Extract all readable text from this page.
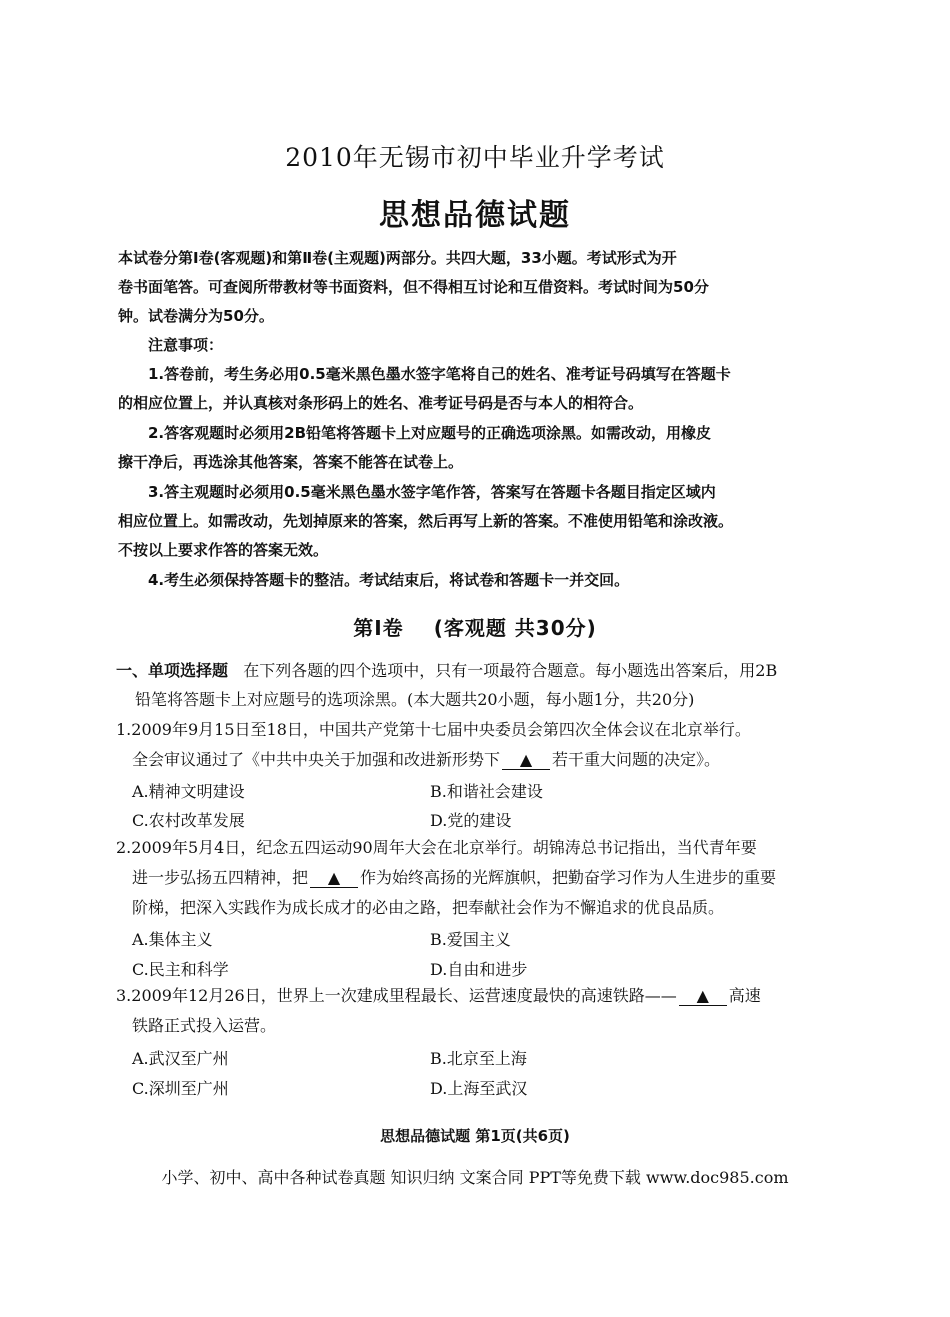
2010年无锡市初中毕业升学考试
思想品德试题
本试卷分第Ⅰ卷(客观题)和第Ⅱ卷(主观题)两部分。共四大题，33小题。考试形式为开
卷书面笔答。可查阅所带教材等书面资料，但不得相互讨论和互借资料。考试时间为50分
钟。试卷满分为50分。
注意事项：
1.答卷前，考生务必用0.5毫米黑色墨水签字笔将自己的姓名、准考证号码填写在答题卡
的相应位置上，并认真核对条形码上的姓名、准考证号码是否与本人的相符合。
2.答客观题时必须用2B铅笔将答题卡上对应题号的正确选项涂黑。如需改动，用橡皮
擦干净后，再选涂其他答案，答案不能答在试卷上。
3.答主观题时必须用0.5毫米黑色墨水签字笔作答，答案写在答题卡各题目指定区域内
相应位置上。如需改动，先划掉原来的答案，然后再写上新的答案。不准使用铅笔和涂改液。
不按以上要求作答的答案无效。
4.考生必须保持答题卡的整洁。考试结束后，将试卷和答题卡一并交回。
第Ⅰ卷 (客观题 共30分)
一、单项选择题 在下列各题的四个选项中，只有一项最符合题意。每小题选出答案后，用2B
铅笔将答题卡上对应题号的选项涂黑。(本大题共20小题，每小题1分，共20分)
1.2009年9月15日至18日，中国共产党第十七届中央委员会第四次全体会议在北京举行。
全会审议通过了《中共中央关于加强和改进新形势下 ▲ 若干重大问题的决定》。
A.精神文明建设	B.和谐社会建设
C.农村改革发展	D.党的建设
2.2009年5月4日，纪念五四运动90周年大会在北京举行。胡锦涛总书记指出，当代青年要
进一步弘扬五四精神，把 ▲ 作为始终高扬的光辉旗帜，把勤奋学习作为人生进步的重要
阶梯，把深入实践作为成长成才的必由之路，把奉献社会作为不懈追求的优良品质。
A.集体主义	B.爱国主义
C.民主和科学	D.自由和进步
3.2009年12月26日，世界上一次建成里程最长、运营速度最快的高速铁路—— ▲ 高速
铁路正式投入运营。
A.武汉至广州	B.北京至上海
C.深圳至广州	D.上海至武汉
思想品德试题 第1页(共6页)
小学、初中、高中各种试卷真题 知识归纳 文案合同 PPT等免费下载 www.doc985.com
